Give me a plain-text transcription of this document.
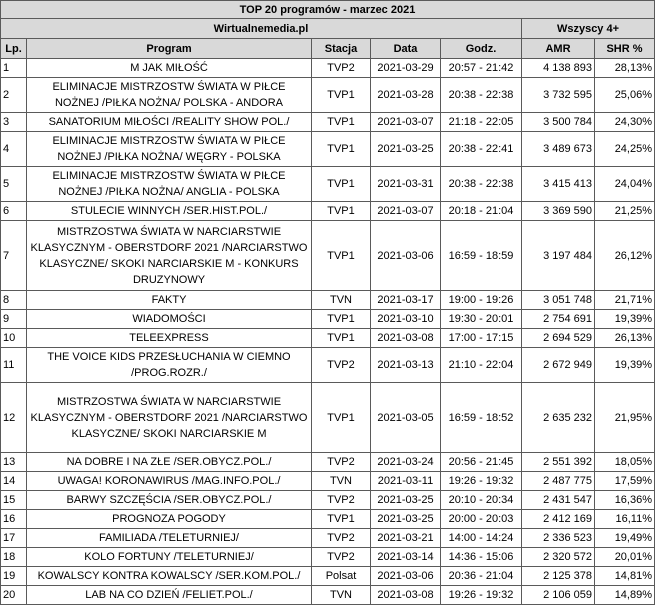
TOP 20 programów - marzec 2021						
Wirtualnemedia.pl					Wszyscy 4+	
Lp.	Program	Stacja	Data	Godz.	AMR	SHR %
1	M JAK MIŁOŚĆ	TVP2	2021-03-29	20:57 - 21:42	4 138 893	28,13%
2	ELIMINACJE MISTRZOSTW ŚWIATA W PIŁCE NOŻNEJ /PIŁKA NOŻNA/ POLSKA - ANDORA	TVP1	2021-03-28	20:38 - 22:38	3 732 595	25,06%
3	SANATORIUM MIŁOŚCI /REALITY SHOW POL./	TVP1	2021-03-07	21:18 - 22:05	3 500 784	24,30%
4	ELIMINACJE MISTRZOSTW ŚWIATA W PIŁCE NOŻNEJ /PIŁKA NOŻNA/ WĘGRY - POLSKA	TVP1	2021-03-25	20:38 - 22:41	3 489 673	24,25%
5	ELIMINACJE MISTRZOSTW ŚWIATA W PIŁCE NOŻNEJ /PIŁKA NOŻNA/ ANGLIA - POLSKA	TVP1	2021-03-31	20:38 - 22:38	3 415 413	24,04%
6	STULECIE WINNYCH /SER.HIST.POL./	TVP1	2021-03-07	20:18 - 21:04	3 369 590	21,25%
7	MISTRZOSTWA ŚWIATA W NARCIARSTWIE KLASYCZNYM - OBERSTDORF 2021 /NARCIARSTWO KLASYCZNE/ SKOKI NARCIARSKIE M - KONKURS DRUZYNOWY	TVP1	2021-03-06	16:59 - 18:59	3 197 484	26,12%
8	FAKTY	TVN	2021-03-17	19:00 - 19:26	3 051 748	21,71%
9	WIADOMOŚCI	TVP1	2021-03-10	19:30 - 20:01	2 754 691	19,39%
10	TELEEXPRESS	TVP1	2021-03-08	17:00 - 17:15	2 694 529	26,13%
11	THE VOICE KIDS PRZESŁUCHANIA W CIEMNO /PROG.ROZR./	TVP2	2021-03-13	21:10 - 22:04	2 672 949	19,39%
12	MISTRZOSTWA ŚWIATA W NARCIARSTWIE KLASYCZNYM - OBERSTDORF 2021 /NARCIARSTWO KLASYCZNE/ SKOKI NARCIARSKIE M	TVP1	2021-03-05	16:59 - 18:52	2 635 232	21,95%
13	NA DOBRE I NA ZŁE /SER.OBYCZ.POL./	TVP2	2021-03-24	20:56 - 21:45	2 551 392	18,05%
14	UWAGA! KORONAWIRUS /MAG.INFO.POL./	TVN	2021-03-11	19:26 - 19:32	2 487 775	17,59%
15	BARWY SZCZĘŚCIA /SER.OBYCZ.POL./	TVP2	2021-03-25	20:10 - 20:34	2 431 547	16,36%
16	PROGNOZA POGODY	TVP1	2021-03-25	20:00 - 20:03	2 412 169	16,11%
17	FAMILIADA /TELETURNIEJ/	TVP2	2021-03-21	14:00 - 14:24	2 336 523	19,49%
18	KOLO FORTUNY /TELETURNIEJ/	TVP2	2021-03-14	14:36 - 15:06	2 320 572	20,01%
19	KOWALSCY KONTRA KOWALSCY /SER.KOM.POL./	Polsat	2021-03-06	20:36 - 21:04	2 125 378	14,81%
20	LAB NA CO DZIEŃ /FELIET.POL./	TVN	2021-03-08	19:26 - 19:32	2 106 059	14,89%
